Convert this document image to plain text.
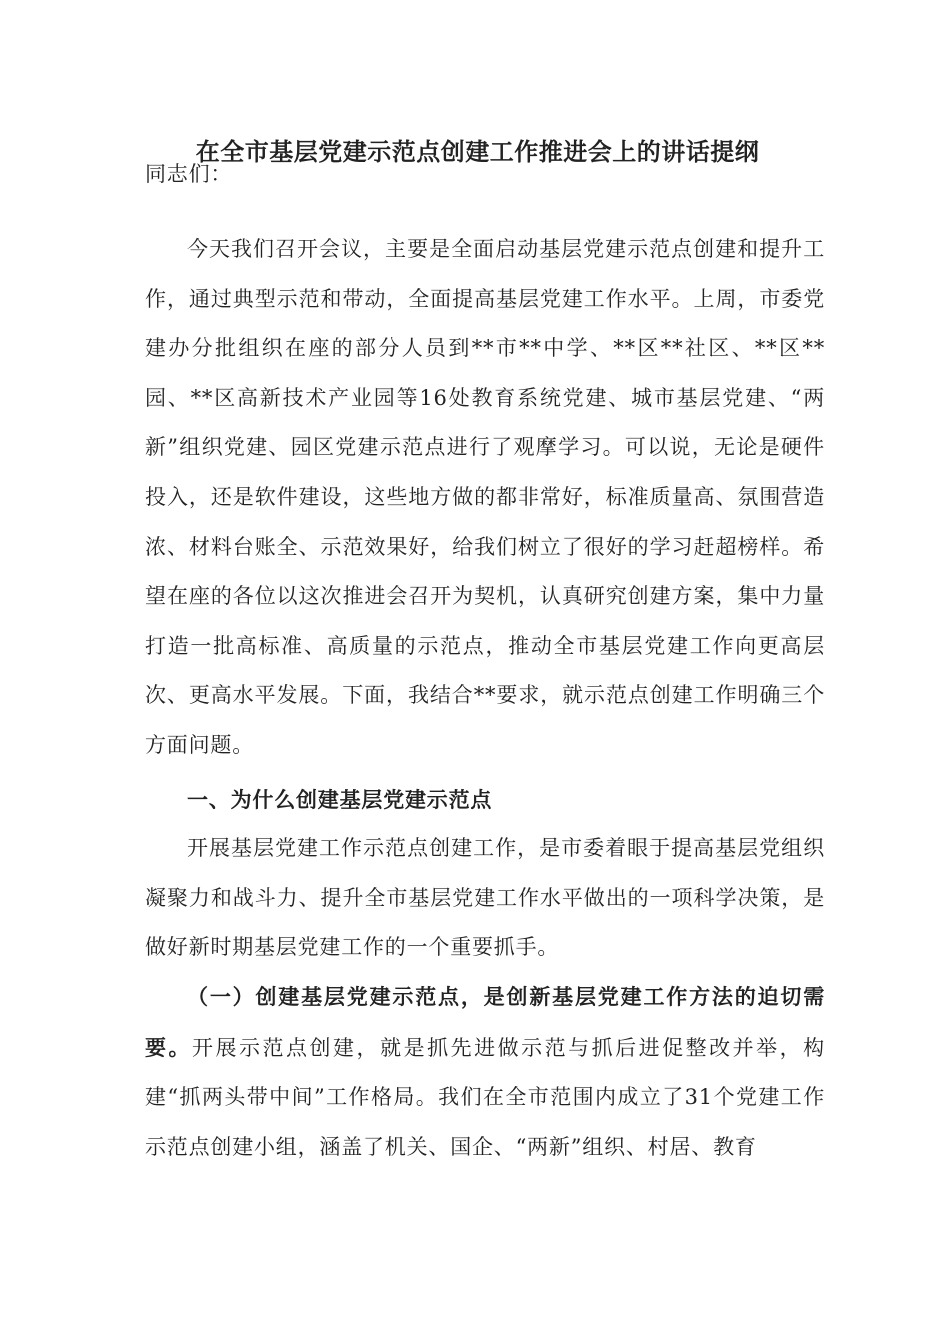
在全市基层党建示范点创建工作推进会上的讲话提纲

同志们：

今天我们召开会议，主要是全面启动基层党建示范点创建和提升工作，通过典型示范和带动，全面提高基层党建工作水平。上周，市委党建办分批组织在座的部分人员到**市**中学、**区**社区、**区**园、**区高新技术产业园等16处教育系统党建、城市基层党建、“两新”组织党建、园区党建示范点进行了观摩学习。可以说，无论是硬件投入，还是软件建设，这些地方做的都非常好，标准质量高、氛围营造浓、材料台账全、示范效果好，给我们树立了很好的学习赶超榜样。希望在座的各位以这次推进会召开为契机，认真研究创建方案，集中力量打造一批高标准、高质量的示范点，推动全市基层党建工作向更高层次、更高水平发展。下面，我结合**要求，就示范点创建工作明确三个方面问题。

一、为什么创建基层党建示范点

开展基层党建工作示范点创建工作，是市委着眼于提高基层党组织凝聚力和战斗力、提升全市基层党建工作水平做出的一项科学决策，是做好新时期基层党建工作的一个重要抓手。

（一）创建基层党建示范点，是创新基层党建工作方法的迫切需要。开展示范点创建，就是抓先进做示范与抓后进促整改并举，构建“抓两头带中间”工作格局。我们在全市范围内成立了31个党建工作示范点创建小组，涵盖了机关、国企、“两新”组织、村居、教育
